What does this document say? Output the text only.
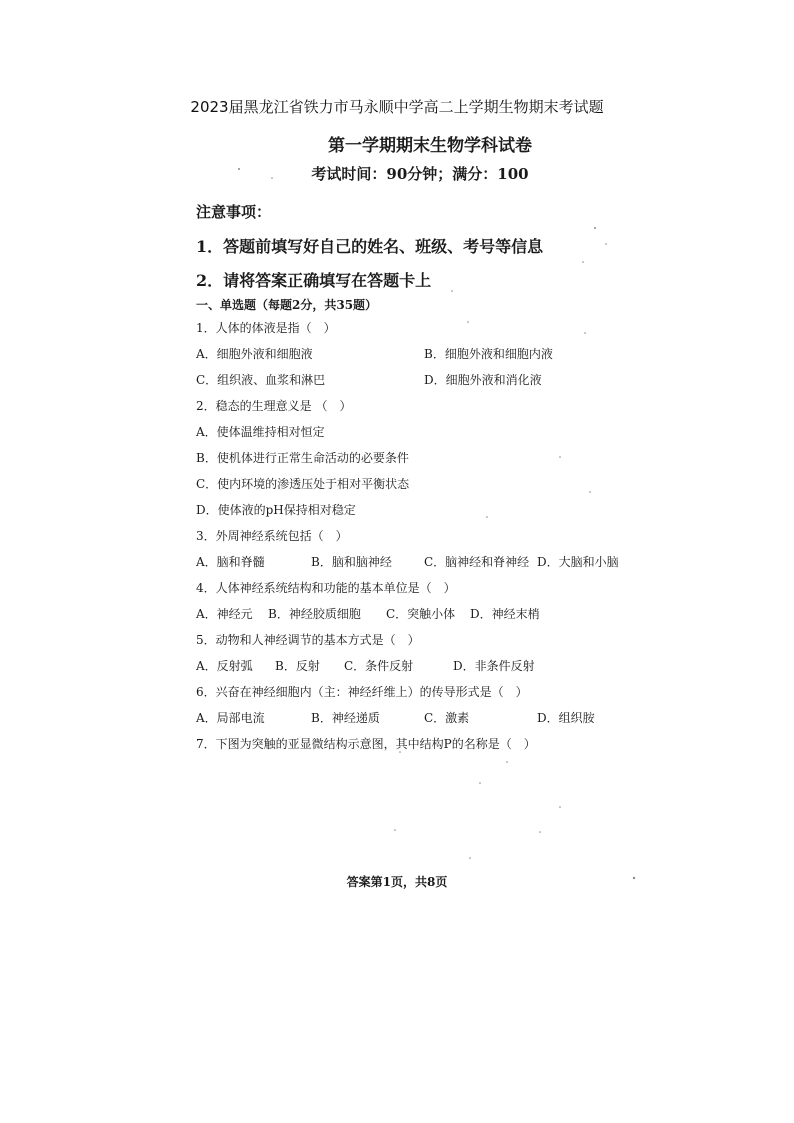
2023届黑龙江省铁力市马永顺中学高二上学期生物期末考试题
第一学期期末生物学科试卷
考试时间：90分钟；满分：100
注意事项：
1．答题前填写好自己的姓名、班级、考号等信息
2．请将答案正确填写在答题卡上
一、单选题（每题2分，共35题）
1．人体的体液是指（　）
A．细胞外液和细胞液	B．细胞外液和细胞内液
C．组织液、血浆和淋巴	D．细胞外液和消化液
2．稳态的生理意义是 （　）
A．使体温维持相对恒定
B．使机体进行正常生命活动的必要条件
C．使内环境的渗透压处于相对平衡状态
D．使体液的pH保持相对稳定
3．外周神经系统包括（　）
A．脑和脊髓	B．脑和脑神经	C．脑神经和脊神经 D．大脑和小脑
4．人体神经系统结构和功能的基本单位是（　）
A．神经元 B．神经胶质细胞 C．突触小体 D．神经末梢
5．动物和人神经调节的基本方式是（　）
A．反射弧 B．反射 C．条件反射	D．非条件反射
6．兴奋在神经细胞内（主：神经纤维上）的传导形式是（　）
A．局部电流	B．神经递质	C．激素	D．组织胺
7．下图为突触的亚显微结构示意图，其中结构P的名称是（　）
答案第1页，共8页
